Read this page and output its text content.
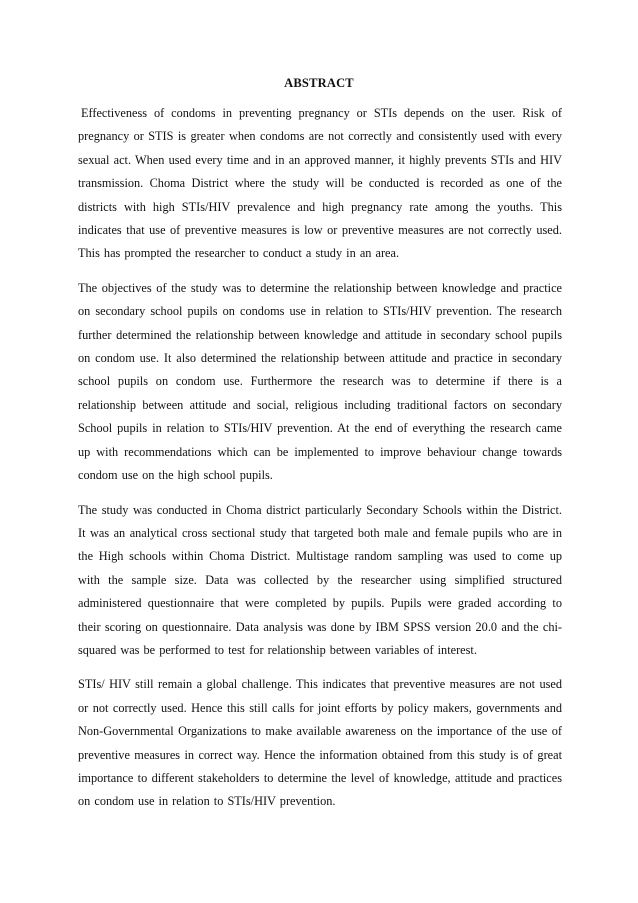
ABSTRACT

Effectiveness of condoms in preventing pregnancy or STIs depends on the user. Risk of pregnancy or STIS is greater when condoms are not correctly and consistently used with every sexual act. When used every time and in an approved manner, it highly prevents STIs and HIV transmission. Choma District where the study will be conducted is recorded as one of the districts with high STIs/HIV prevalence and high pregnancy rate among the youths. This indicates that use of preventive measures is low or preventive measures are not correctly used. This has prompted the researcher to conduct a study in an area.

The objectives of the study was to determine the relationship between knowledge and practice on secondary school pupils on condoms use in relation to STIs/HIV prevention. The research further determined the relationship between knowledge and attitude in secondary school pupils on condom use. It also determined the relationship between attitude and practice in secondary school pupils on condom use. Furthermore the research was to determine if there is a relationship between attitude and social, religious including traditional factors on secondary School pupils in relation to STIs/HIV prevention. At the end of everything the research came up with recommendations which can be implemented to improve behaviour change towards condom use on the high school pupils.

The study was conducted in Choma district particularly Secondary Schools within the District. It was an analytical cross sectional study that targeted both male and female pupils who are in the High schools within Choma District. Multistage random sampling was used to come up with the sample size. Data was collected by the researcher using simplified structured administered questionnaire that were completed by pupils. Pupils were graded according to their scoring on questionnaire. Data analysis was done by IBM SPSS version 20.0 and the chi-squared was be performed to test for relationship between variables of interest.

STIs/ HIV still remain a global challenge. This indicates that preventive measures are not used or not correctly used. Hence this still calls for joint efforts by policy makers, governments and Non-Governmental Organizations to make available awareness on the importance of the use of preventive measures in correct way. Hence the information obtained from this study is of great importance to different stakeholders to determine the level of knowledge, attitude and practices on condom use in relation to STIs/HIV prevention.
